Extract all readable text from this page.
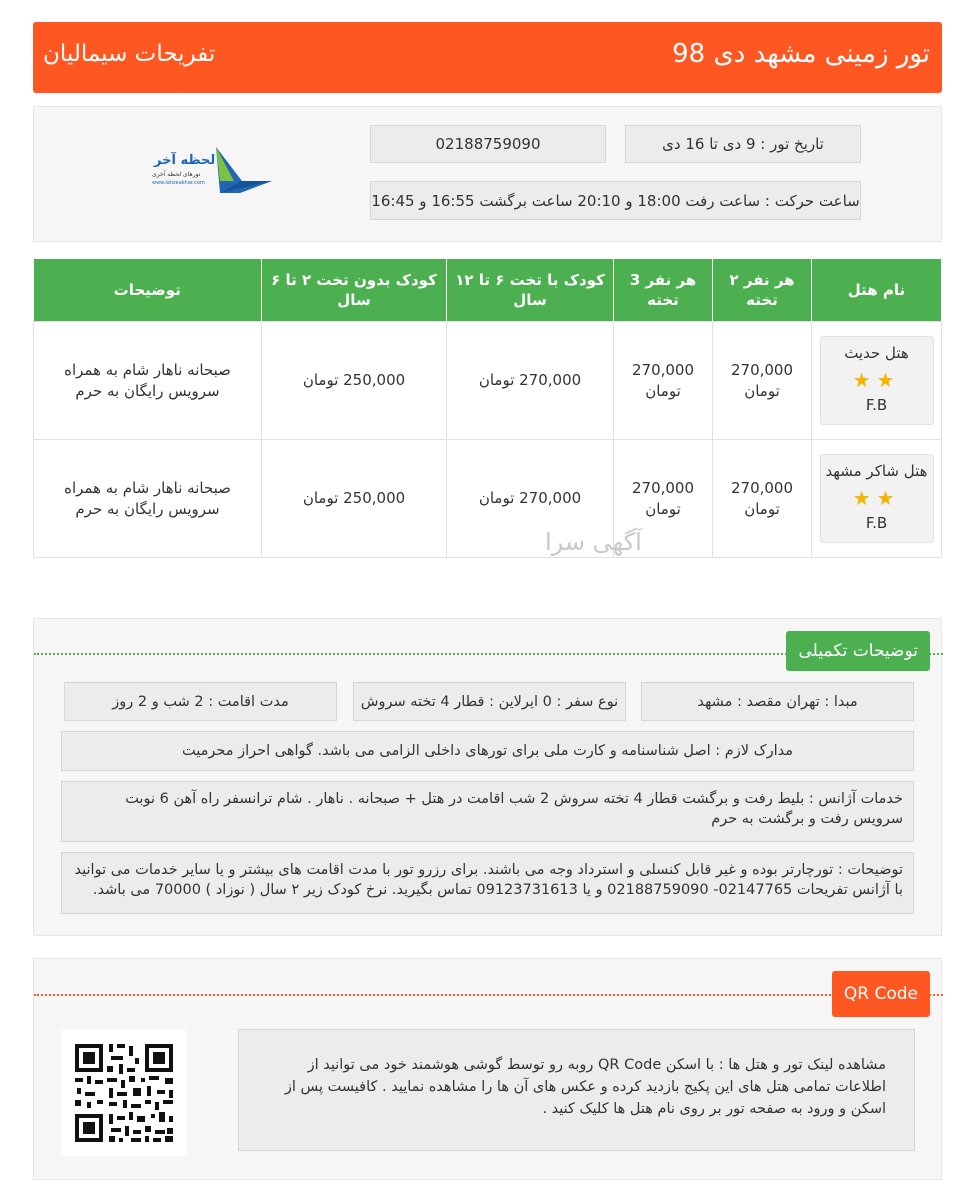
تور زمینی مشهد دی 98
تفریحات سیمالیان
تاریخ تور : 9 دی تا 16 دی
02188759090
ساعت حرکت : ساعت رفت 18:00 و 20:10 ساعت برگشت 16:55 و 16:45
لحظه آخر
تورهای لحظه آخری
www.lahzeakhar.com
نام هتل	هر نفر ۲ تخته	هر نفر 3 تخته	کودک با تخت ۶ تا ۱۲ سال	کودک بدون تخت ۲ تا ۶ سال	توضیحات

هتل حدیث
★★
F.B	270,000 تومان	270,000 تومان	270,000 تومان	250,000 تومان	صبحانه ناهار شام به همراه سرویس رایگان به حرم

هتل شاکر مشهد
★★
F.B	270,000 تومان	270,000 تومان	270,000 تومان	250,000 تومان	صبحانه ناهار شام به همراه سرویس رایگان به حرم
آگهی سرا
توضیحات تکمیلی
مبدا : تهران مقصد : مشهد
نوع سفر : 0 ایرلاین : قطار 4 تخته سروش
مدت اقامت : 2 شب و 2 روز
مدارک لازم : اصل شناسنامه و کارت ملی برای تورهای داخلی الزامی می باشد. گواهی احراز محرمیت
خدمات آژانس : بلیط رفت و برگشت قطار 4 تخته سروش 2 شب اقامت در هتل + صبحانه . ناهار . شام ترانسفر راه آهن 6 نوبت سرویس رفت و برگشت به حرم
توضیحات : تورچارتر بوده و غیر قابل کنسلی و استرداد وجه می باشند. برای رزرو تور با مدت اقامت های بیشتر و یا سایر خدمات می توانید با آژانس تفریحات 02147765- 02188759090 و یا 09123731613 تماس بگیرید. نرخ کودک زیر ۲ سال ( نوزاد ) 70000 می باشد.
QR Code
مشاهده لینک تور و هتل ها : با اسکن QR Code روبه رو توسط گوشی هوشمند خود می توانید از اطلاعات تمامی هتل های این پکیج بازدید کرده و عکس های آن ها را مشاهده نمایید . کافیست پس از اسکن و ورود به صفحه تور بر روی نام هتل ها کلیک کنید .
